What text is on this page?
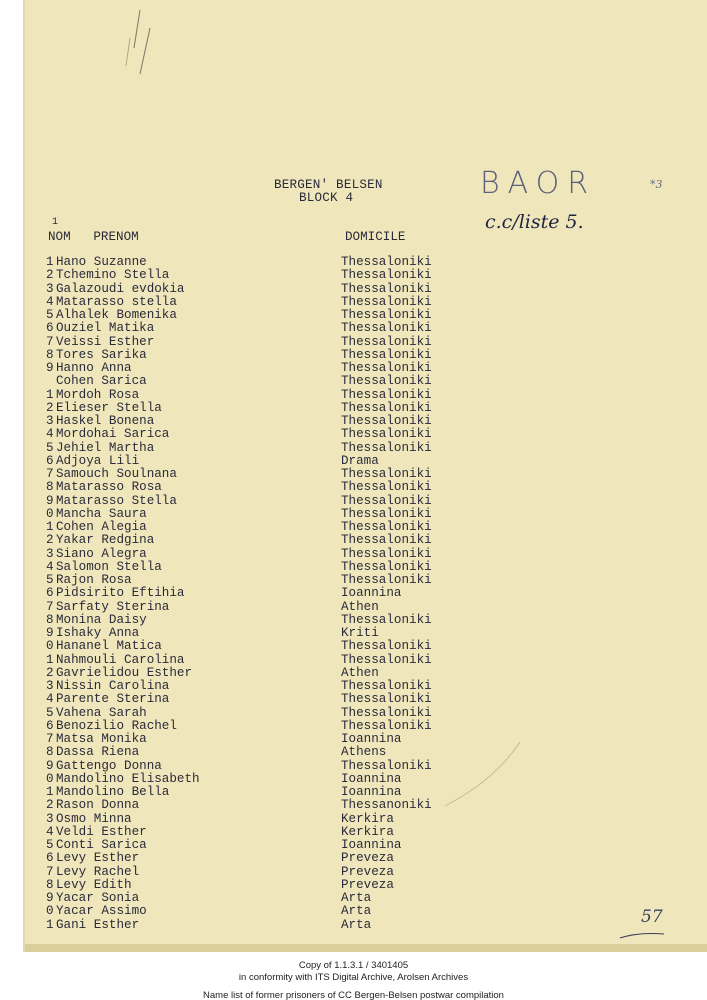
BERGEN' BELSEN
BLOCK 4
1
NOM   PRENOM	DOMICILE
BAOR	*3
c.c/liste 5.
57
1 Hano Suzanne	Thessaloniki
2 Tchemino Stella	Thessaloniki
3 Galazoudi evdokia	Thessaloniki
4 Matarasso stella	Thessaloniki
5 Alhalek Bomenika	Thessaloniki
6 Ouziel Matika	Thessaloniki
7 Veissi Esther	Thessaloniki
8 Tores Sarika	Thessaloniki
9 Hanno Anna	Thessaloniki
Cohen Sarica	Thessaloniki
1 Mordoh Rosa	Thessaloniki
2 Elieser Stella	Thessaloniki
3 Haskel Bonena	Thessaloniki
4 Mordohai Sarica	Thessaloniki
5 Jehiel Martha	Thessaloniki
6 Adjoya Lili	Drama
7 Samouch Soulnana	Thessaloniki
8 Matarasso Rosa	Thessaloniki
9 Matarasso Stella	Thessaloniki
0 Mancha Saura	Thessaloniki
1 Cohen Alegia	Thessaloniki
2 Yakar Redgina	Thessaloniki
3 Siano Alegra	Thessaloniki
4 Salomon Stella	Thessaloniki
5 Rajon Rosa	Thessaloniki
6 Pidsirito Eftihia	Ioannina
7 Sarfaty Sterina	Athen
8 Monina Daisy	Thessaloniki
9 Ishaky Anna	Kriti
0 Hananel Matica	Thessaloniki
1 Nahmouli Carolina	Thessaloniki
2 Gavrielidou Esther	Athen
3 Nissin Carolina	Thessaloniki
4 Parente Sterina	Thessaloniki
5 Vahena Sarah	Thessaloniki
6 Benozilio Rachel	Thessaloniki
7 Matsa Monika	Ioannina
8 Dassa Riena	Athens
9 Gattengo Donna	Thessaloniki
0 Mandolino Elisabeth	Ioannina
1 Mandolino Bella	Ioannina
2 Rason Donna	Thessanoniki
3 Osmo Minna	Kerkira
4 Veldi Esther	Kerkira
5 Conti Sarica	Ioannina
6 Levy Esther	Preveza
7 Levy Rachel	Preveza
8 Levy Edith	Preveza
9 Yacar Sonia	Arta
0 Yacar Assimo	Arta
1 Gani Esther	Arta
Copy of 1.1.3.1 / 3401405
in conformity with ITS Digital Archive, Arolsen Archives
Name list of former prisoners of CC Bergen-Belsen postwar compilation
